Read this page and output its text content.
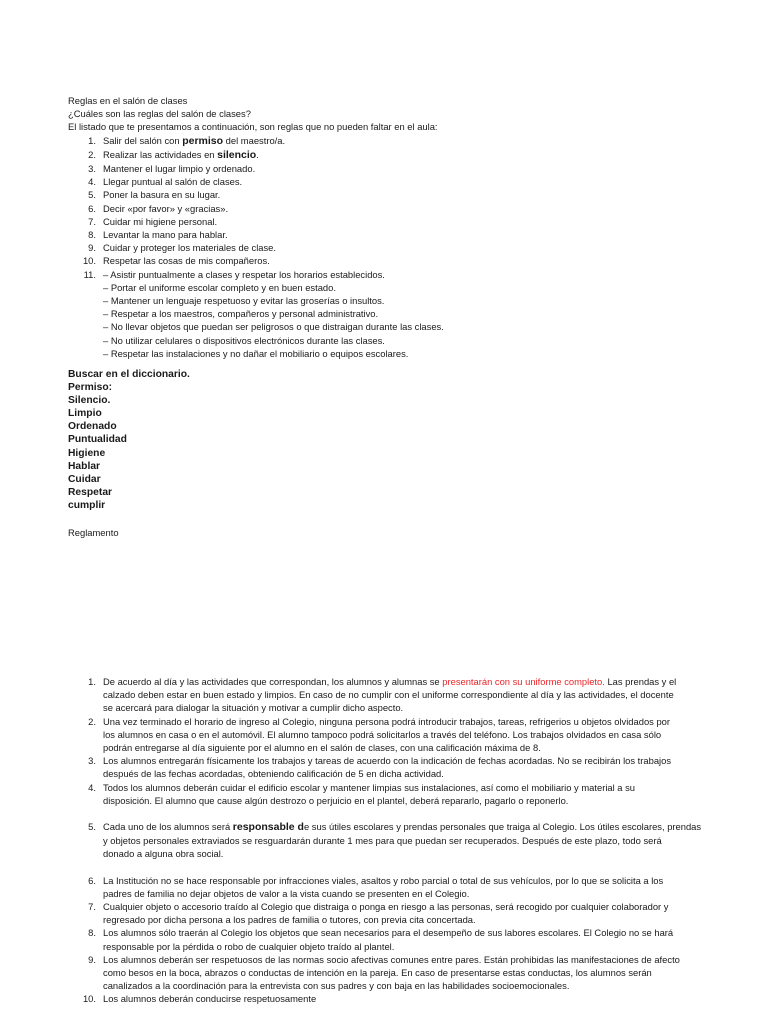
Reglas en el salón de clases
¿Cuáles son las reglas del salón de clases?
El listado que te presentamos a continuación, son reglas que no pueden faltar en el aula:
1. Salir del salón con permiso del maestro/a.
2. Realizar las actividades en silencio.
3. Mantener el lugar limpio y ordenado.
4. Llegar puntual al salón de clases.
5. Poner la basura en su lugar.
6. Decir «por favor» y «gracias».
7. Cuidar mi higiene personal.
8. Levantar la mano para hablar.
9. Cuidar y proteger los materiales de clase.
10. Respetar las cosas de mis compañeros.
11. – Asistir puntualmente a clases y respetar los horarios establecidos.
– Portar el uniforme escolar completo y en buen estado.
– Mantener un lenguaje respetuoso y evitar las groserías o insultos.
– Respetar a los maestros, compañeros y personal administrativo.
– No llevar objetos que puedan ser peligrosos o que distraigan durante las clases.
– No utilizar celulares o dispositivos electrónicos durante las clases.
– Respetar las instalaciones y no dañar el mobiliario o equipos escolares.
Buscar en el diccionario.
Permiso:
Silencio.
Limpio
Ordenado
Puntualidad
Higiene
Hablar
Cuidar
Respetar
cumplir
Reglamento
1. De acuerdo al día y las actividades que correspondan, los alumnos y alumnas se presentarán con su uniforme completo. Las prendas y el
calzado deben estar en buen estado y limpios. En caso de no cumplir con el uniforme correspondiente al día y las actividades, el docente
se acercará para dialogar la situación y motivar a cumplir dicho aspecto.
2. Una vez terminado el horario de ingreso al Colegio, ninguna persona podrá introducir trabajos, tareas, refrigerios u objetos olvidados por
los alumnos en casa o en el automóvil. El alumno tampoco podrá solicitarlos a través del teléfono. Los trabajos olvidados en casa sólo
podrán entregarse al día siguiente por el alumno en el salón de clases, con una calificación máxima de 8.
3. Los alumnos entregarán físicamente los trabajos y tareas de acuerdo con la indicación de fechas acordadas. No se recibirán los trabajos
después de las fechas acordadas, obteniendo calificación de 5 en dicha actividad.
4. Todos los alumnos deberán cuidar el edificio escolar y mantener limpias sus instalaciones, así como el mobiliario y material a su
disposición. El alumno que cause algún destrozo o perjuicio en el plantel, deberá repararlo, pagarlo o reponerlo.
5. Cada uno de los alumnos será responsable de sus útiles escolares y prendas personales que traiga al Colegio. Los útiles escolares, prendas
y objetos personales extraviados se resguardarán durante 1 mes para que puedan ser recuperados. Después de este plazo, todo será
donado a alguna obra social.
6. La Institución no se hace responsable por infracciones viales, asaltos y robo parcial o total de sus vehículos, por lo que se solicita a los
padres de familia no dejar objetos de valor a la vista cuando se presenten en el Colegio.
7. Cualquier objeto o accesorio traído al Colegio que distraiga o ponga en riesgo a las personas, será recogido por cualquier colaborador y
regresado por dicha persona a los padres de familia o tutores, con previa cita concertada.
8. Los alumnos sólo traerán al Colegio los objetos que sean necesarios para el desempeño de sus labores escolares. El Colegio no se hará
responsable por la pérdida o robo de cualquier objeto traído al plantel.
9. Los alumnos deberán ser respetuosos de las normas socio afectivas comunes entre pares. Están prohibidas las manifestaciones de afecto
como besos en la boca, abrazos o conductas de intención en la pareja. En caso de presentarse estas conductas, los alumnos serán
canalizados a la coordinación para la entrevista con sus padres y con baja en las habilidades socioemocionales.
10. Los alumnos deberán conducirse respetuosamente
